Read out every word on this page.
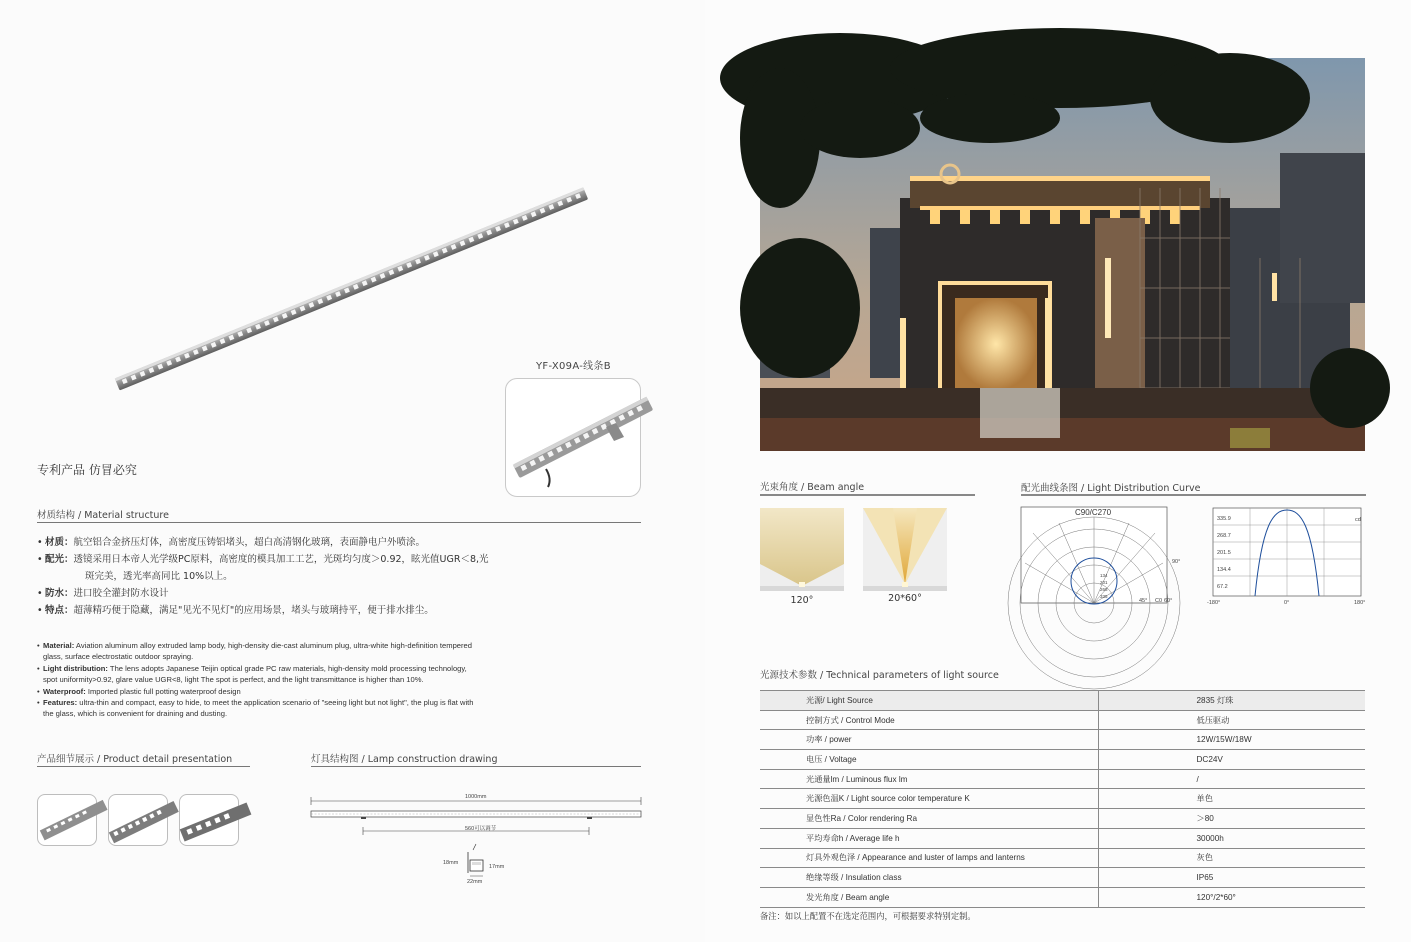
YF-X09A-线条B
专利产品 仿冒必究
材质结构 / Material structure
• 材质：航空铝合金挤压灯体，高密度压铸铝堵头，超白高清钢化玻璃，表面静电户外喷涂。
• 配光：透镜采用日本帝人光学级PC原料，高密度的模具加工工艺，光斑均匀度＞0.92，眩光值UGR＜8,光
斑完美，透光率高同比 10%以上。
• 防水：进口胶全灌封防水设计
• 特点：超薄精巧便于隐藏，满足"见光不见灯"的应用场景，堵头与玻璃持平，便于排水排尘。
• Material: Aviation aluminum alloy extruded lamp body, high-density die-cast aluminum plug, ultra-white high-definition tempered
glass, surface electrostatic outdoor spraying.
• Light distribution: The lens adopts Japanese Teijin optical grade PC raw materials, high-density mold processing technology,
spot uniformity>0.92, glare value UGR<8, light The spot is perfect, and the light transmittance is higher than 10%.
• Waterproof: Imported plastic full potting waterproof design
• Features: ultra-thin and compact, easy to hide, to meet the application scenario of "seeing light but not light", the plug is flat with
the glass, which is convenient for draining and dusting.
产品细节展示 / Product detail presentation	灯具结构图 / Lamp construction drawing
1000mm
560可以调节
18mm
17mm
22mm
光束角度 / Beam angle
120°	20*60°
配光曲线条图 / Light Distribution Curve
C90/C270
90°
45° C0 60°
134
201
268
335
cd
335.9
268.7
201.5
134.4
67.2
-180°	0°	180°
光源技术参数 / Technical parameters of light source
光源/ Light Source	2835 灯珠
控制方式 / Control Mode	低压驱动
功率 / power	12W/15W/18W
电压 / Voltage	DC24V
光通量lm / Luminous flux lm	/
光源色温K / Light source color temperature K	单色
显色性Ra / Color rendering Ra	＞80
平均寿命h / Average life h	30000h
灯具外观色泽 / Appearance and luster of lamps and lanterns	灰色
绝缘等级 / Insulation class	IP65
发光角度 / Beam angle	120°/2*60°
备注：如以上配置不在选定范围内，可根据要求特别定制。
